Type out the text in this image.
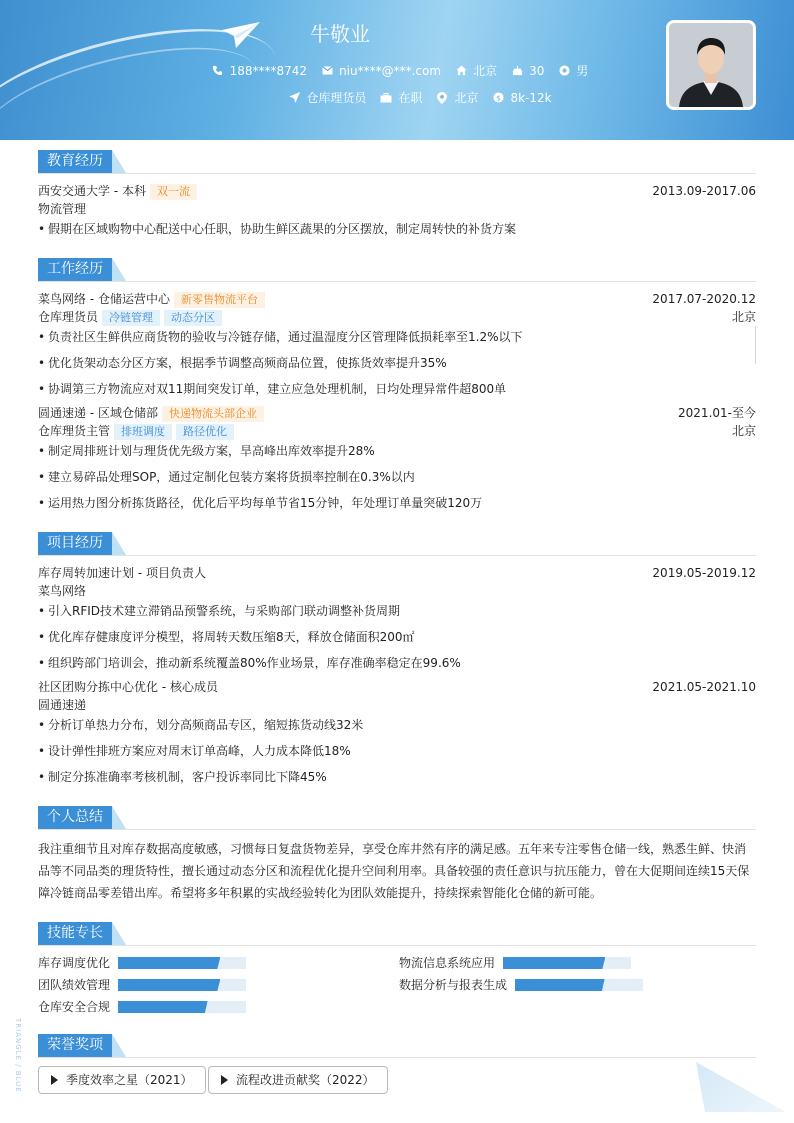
牛敬业
188****8742	niu****@***.com	北京	30	男
仓库理货员	在职	北京 $ 8k-12k
教育经历
西安交通大学 - 本科 双一流	2013.09-2017.06
物流管理
• 假期在区域购物中心配送中心任职，协助生鲜区蔬果的分区摆放，制定周转快的补货方案
工作经历
菜鸟网络 - 仓储运营中心 新零售物流平台	2017.07-2020.12
仓库理货员 冷链管理 动态分区	北京
• 负责社区生鲜供应商货物的验收与冷链存储，通过温湿度分区管理降低损耗率至1.2%以下
• 优化货架动态分区方案，根据季节调整高频商品位置，使拣货效率提升35%
• 协调第三方物流应对双11期间突发订单，建立应急处理机制，日均处理异常件超800单
圆通速递 - 区域仓储部 快递物流头部企业	2021.01-至今
仓库理货主管 排班调度 路径优化	北京
• 制定周排班计划与理货优先级方案，旱高峰出库效率提升28%
• 建立易碎品处理SOP，通过定制化包装方案将货损率控制在0.3%以内
• 运用热力图分析拣货路径，优化后平均每单节省15分钟，年处理订单量突破120万
项目经历
库存周转加速计划 - 项目负责人	2019.05-2019.12
菜鸟网络
• 引入RFID技术建立滞销品预警系统，与采购部门联动调整补货周期
• 优化库存健康度评分模型，将周转天数压缩8天，释放仓储面积200㎡
• 组织跨部门培训会，推动新系统覆盖80%作业场景，库存准确率稳定在99.6%
社区团购分拣中心优化 - 核心成员	2021.05-2021.10
圆通速递
• 分析订单热力分布，划分高频商品专区，缩短拣货动线32米
• 设计弹性排班方案应对周末订单高峰，人力成本降低18%
• 制定分拣准确率考核机制，客户投诉率同比下降45%
个人总结
我注重细节且对库存数据高度敏感，习惯每日复盘货物差异，享受仓库井然有序的满足感。五年来专注零售仓储一线，熟悉生鲜、快消品等不同品类的理货特性，擅长通过动态分区和流程优化提升空间利用率。具备较强的责任意识与抗压能力，曾在大促期间连续15天保障冷链商品零差错出库。希望将多年积累的实战经验转化为团队效能提升，持续探索智能化仓储的新可能。
技能专长
库存调度优化	物流信息系统应用
团队绩效管理	数据分析与报表生成
仓库安全合规
荣誉奖项
季度效率之星（2021）	流程改进贡献奖（2022）
TRIANGLE / BLUE
